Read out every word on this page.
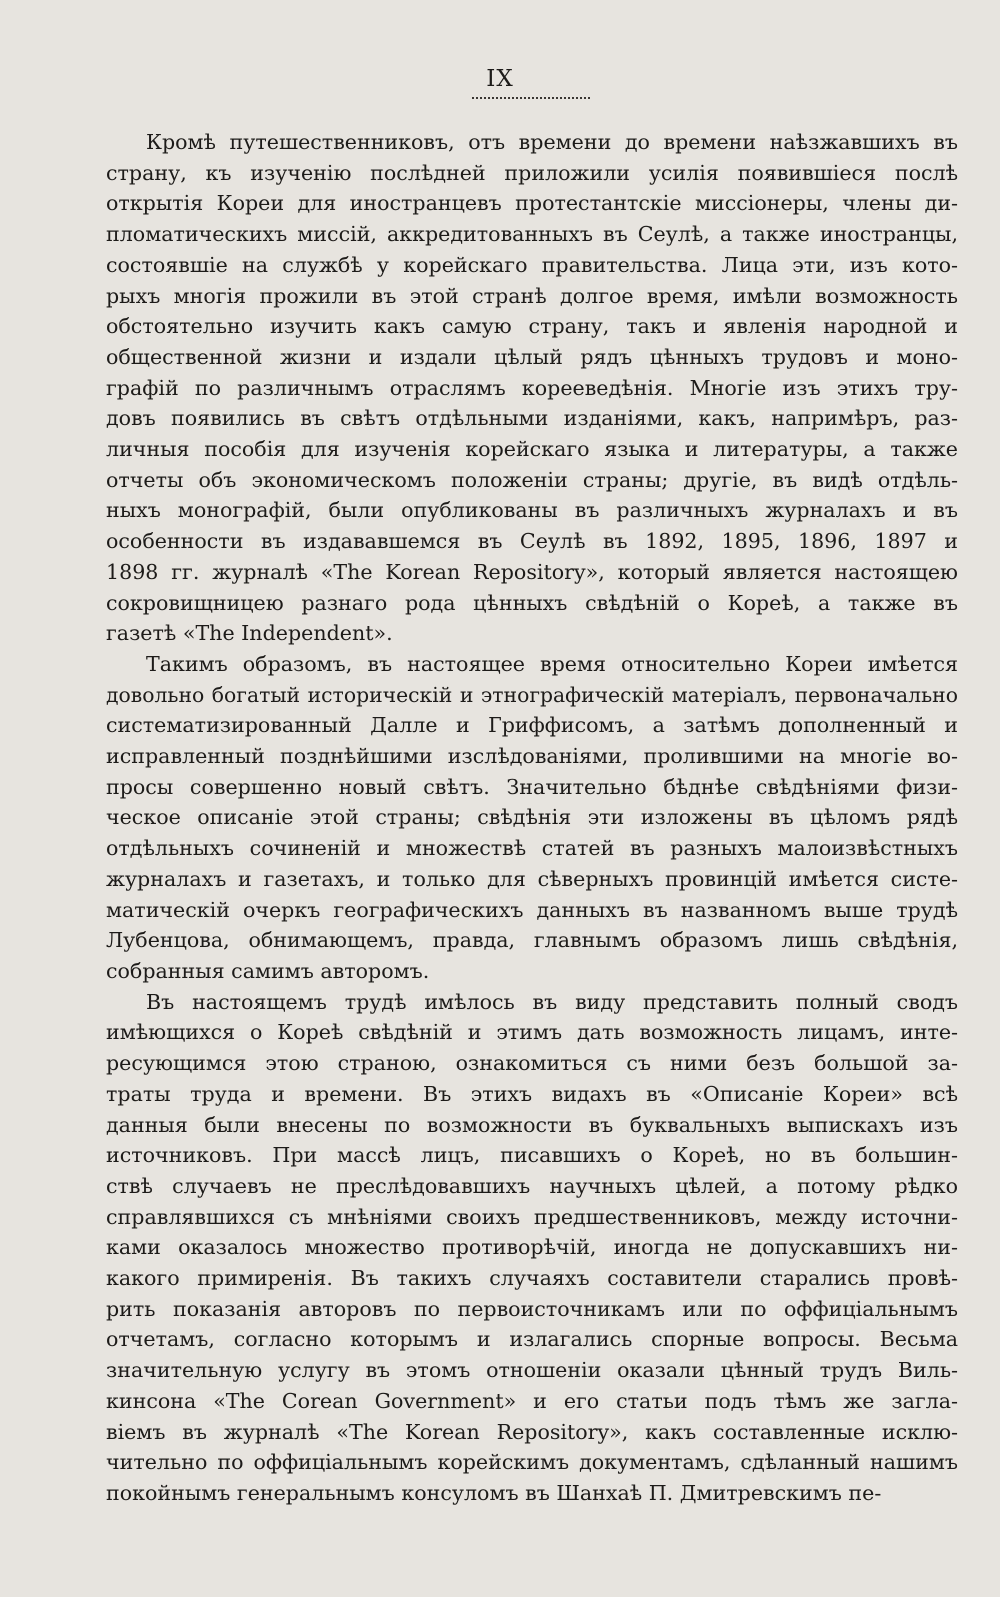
IX

Кромѣ путешественниковъ, отъ времени до времени наѣзжавшихъ въ
страну, къ изученію послѣдней приложили усилія появившіеся послѣ
открытія Кореи для иностранцевъ протестантскіе миссіонеры, члены ди-
пломатическихъ миссій, аккредитованныхъ въ Сеулѣ, а также иностранцы,
состоявшіе на службѣ у корейскаго правительства. Лица эти, изъ кото-
рыхъ многія прожили въ этой странѣ долгое время, имѣли возможность
обстоятельно изучить какъ самую страну, такъ и явленія народной и
общественной жизни и издали цѣлый рядъ цѣнныхъ трудовъ и моно-
графій по различнымъ отраслямъ корееведѣнія. Многіе изъ этихъ тру-
довъ появились въ свѣтъ отдѣльными изданіями, какъ, напримѣръ, раз-
личныя пособія для изученія корейскаго языка и литературы, а также
отчеты объ экономическомъ положеніи страны; другіе, въ видѣ отдѣль-
ныхъ монографій, были опубликованы въ различныхъ журналахъ и въ
особенности въ издававшемся въ Сеулѣ въ 1892, 1895, 1896, 1897 и
1898 гг. журналѣ «The Korean Repository», который является настоящею
сокровищницею разнаго рода цѣнныхъ свѣдѣній о Кореѣ, а также въ
газетѣ «The Independent».

Такимъ образомъ, въ настоящее время относительно Кореи имѣется
довольно богатый историческій и этнографическій матеріалъ, первоначально
систематизированный Далле и Гриффисомъ, а затѣмъ дополненный и
исправленный позднѣйшими изслѣдованіями, пролившими на многіе во-
просы совершенно новый свѣтъ. Значительно бѣднѣе свѣдѣніями физи-
ческое описаніе этой страны; свѣдѣнія эти изложены въ цѣломъ рядѣ
отдѣльныхъ сочиненій и множествѣ статей въ разныхъ малоизвѣстныхъ
журналахъ и газетахъ, и только для сѣверныхъ провинцій имѣется систе-
матическій очеркъ географическихъ данныхъ въ названномъ выше трудѣ
Лубенцова, обнимающемъ, правда, главнымъ образомъ лишь свѣдѣнія,
собранныя самимъ авторомъ.

Въ настоящемъ трудѣ имѣлось въ виду представить полный сводъ
имѣющихся о Кореѣ свѣдѣній и этимъ дать возможность лицамъ, инте-
ресующимся этою страною, ознакомиться съ ними безъ большой за-
траты труда и времени. Въ этихъ видахъ въ «Описаніе Кореи» всѣ
данныя были внесены по возможности въ буквальныхъ выпискахъ изъ
источниковъ. При массѣ лицъ, писавшихъ о Кореѣ, но въ большин-
ствѣ случаевъ не преслѣдовавшихъ научныхъ цѣлей, а потому рѣдко
справлявшихся съ мнѣніями своихъ предшественниковъ, между источни-
ками оказалось множество противорѣчій, иногда не допускавшихъ ни-
какого примиренія. Въ такихъ случаяхъ составители старались провѣ-
рить показанія авторовъ по первоисточникамъ или по оффиціальнымъ
отчетамъ, согласно которымъ и излагались спорные вопросы. Весьма
значительную услугу въ этомъ отношеніи оказали цѣнный трудъ Виль-
кинсона «The Corean Government» и его статьи подъ тѣмъ же загла-
віемъ въ журналѣ «The Korean Repository», какъ составленные исклю-
чительно по оффиціальнымъ корейскимъ документамъ, сдѣланный нашимъ
покойнымъ генеральнымъ консуломъ въ Шанхаѣ П. Дмитревскимъ пе-
